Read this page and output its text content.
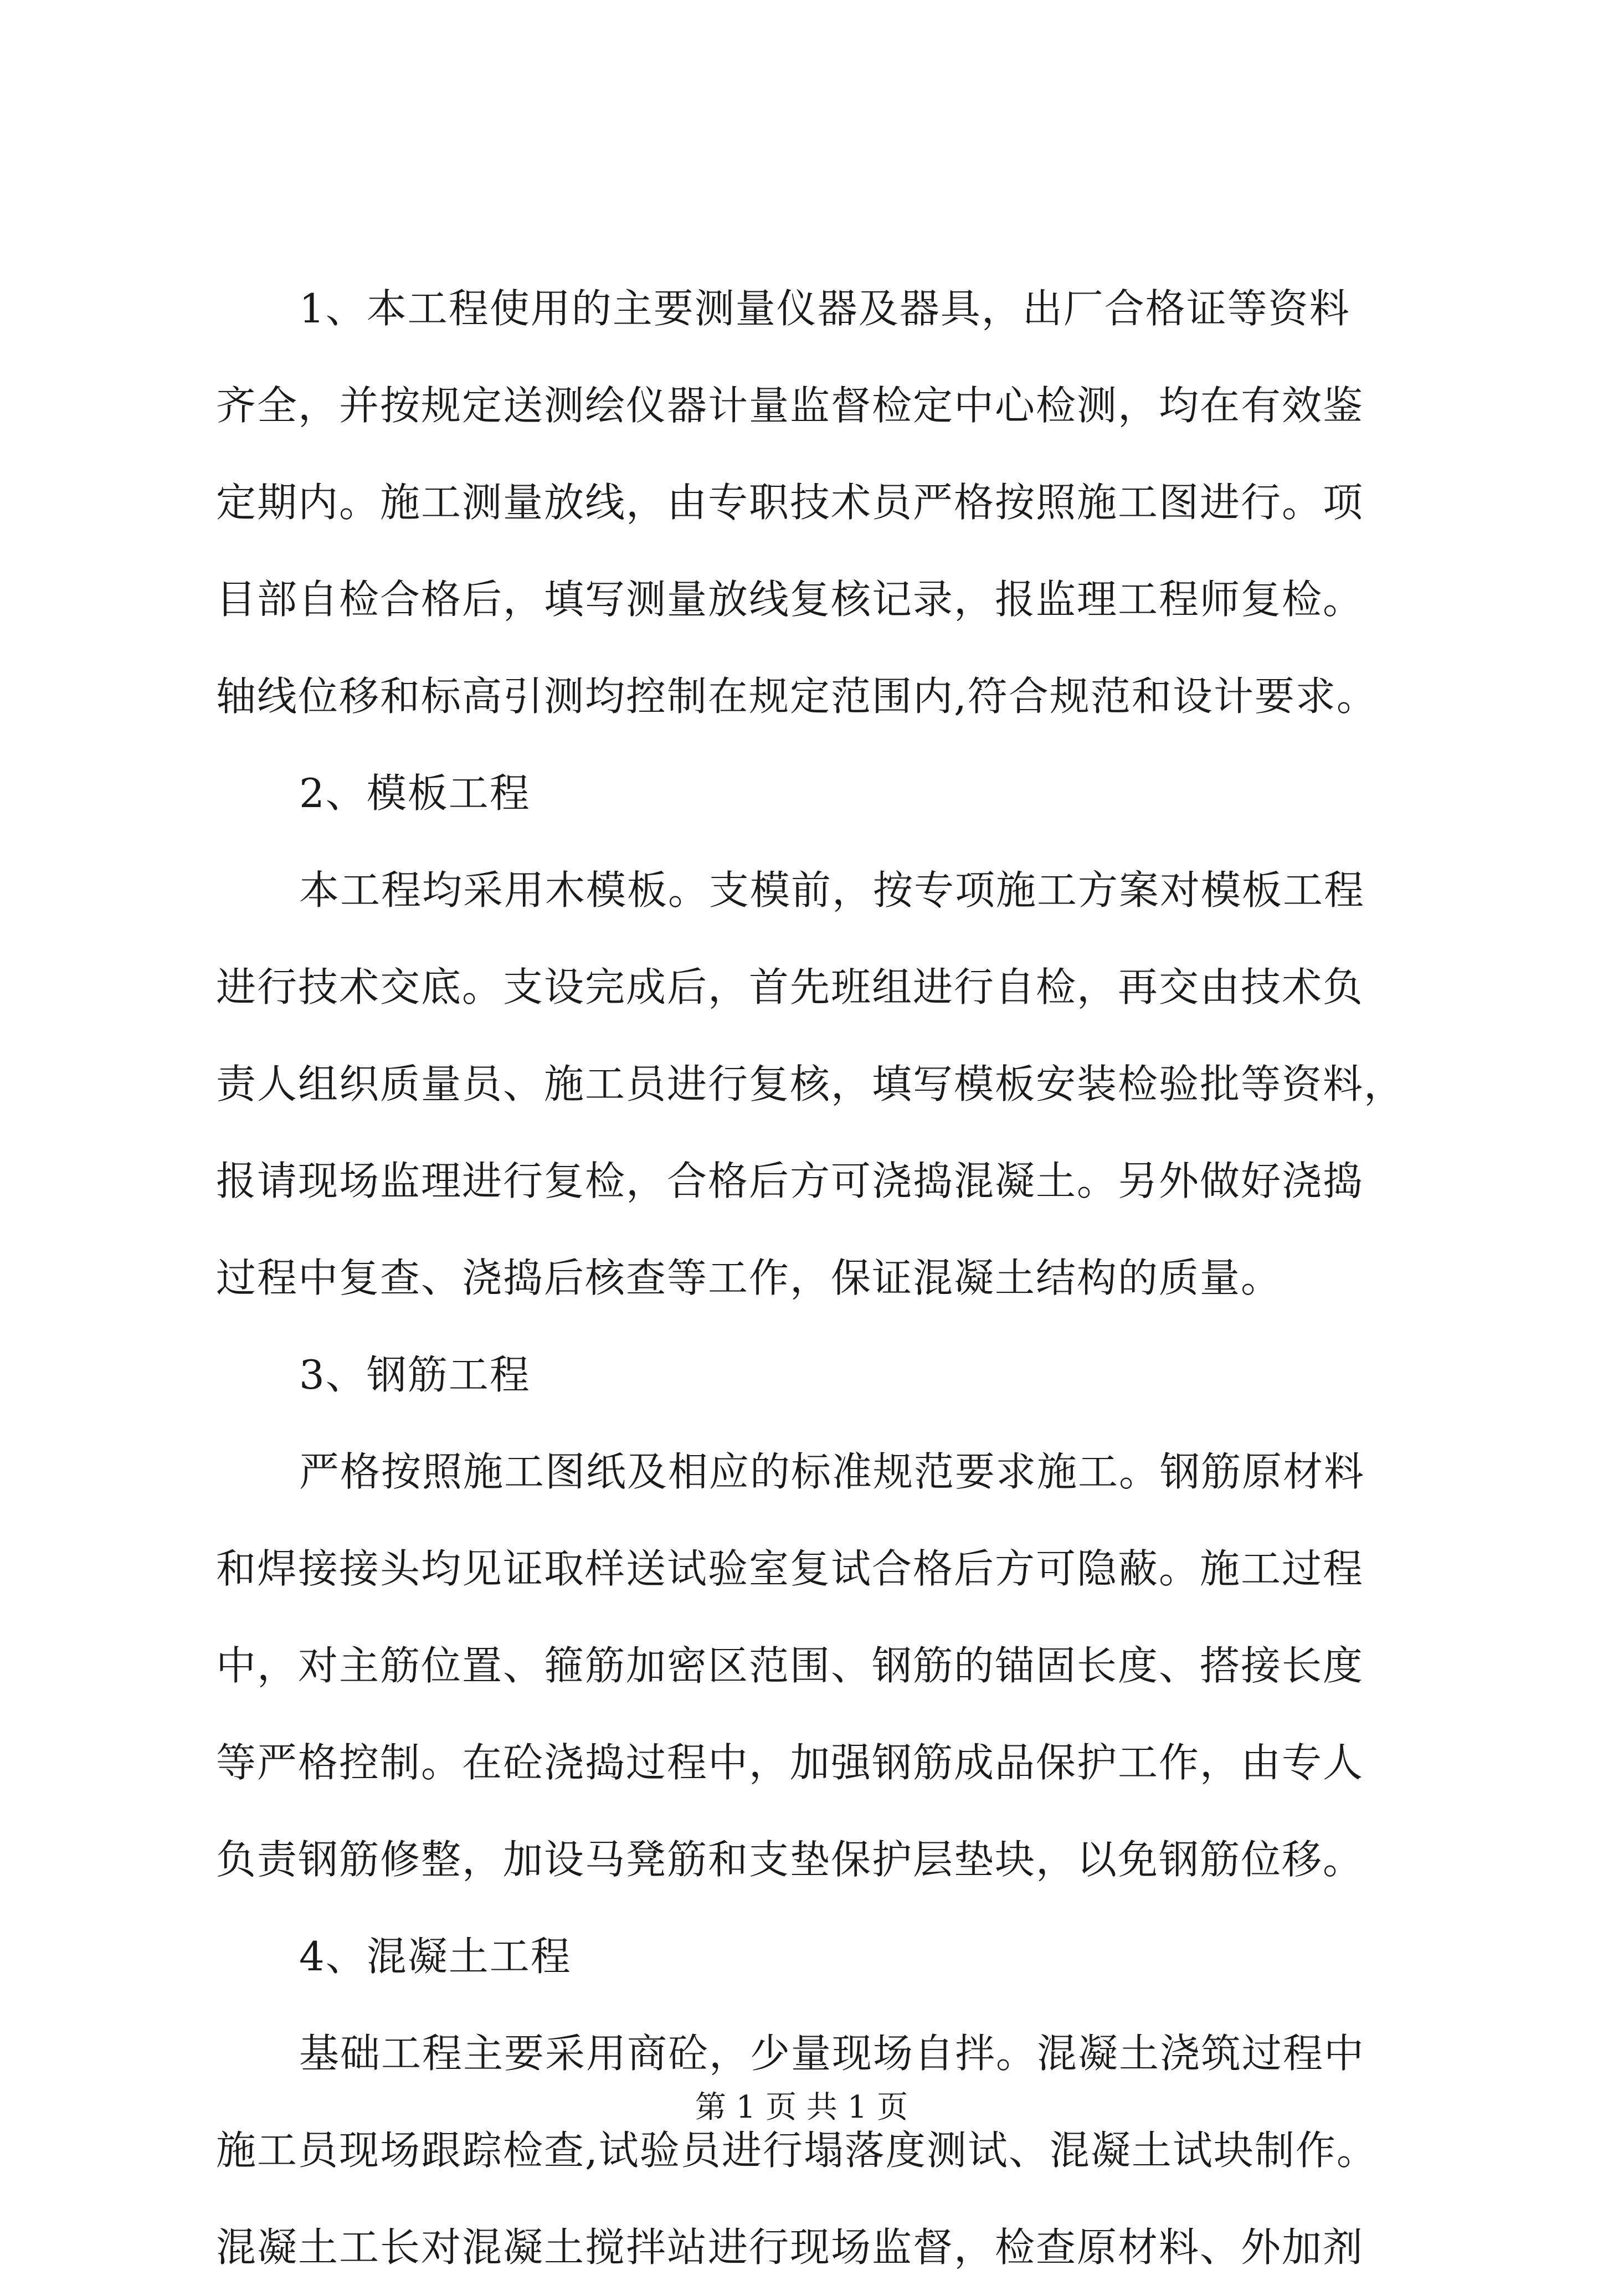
1、本工程使用的主要测量仪器及器具，出厂合格证等资料
齐全，并按规定送测绘仪器计量监督检定中心检测，均在有效鉴
定期内。施工测量放线，由专职技术员严格按照施工图进行。项
目部自检合格后，填写测量放线复核记录，报监理工程师复检。
轴线位移和标高引测均控制在规定范围内,符合规范和设计要求。
2、模板工程
本工程均采用木模板。支模前，按专项施工方案对模板工程
进行技术交底。支设完成后，首先班组进行自检，再交由技术负
责人组织质量员、施工员进行复核，填写模板安装检验批等资料，
报请现场监理进行复检，合格后方可浇捣混凝土。另外做好浇捣
过程中复查、浇捣后核查等工作，保证混凝土结构的质量。
3、钢筋工程
严格按照施工图纸及相应的标准规范要求施工。钢筋原材料
和焊接接头均见证取样送试验室复试合格后方可隐蔽。施工过程
中，对主筋位置、箍筋加密区范围、钢筋的锚固长度、搭接长度
等严格控制。在砼浇捣过程中，加强钢筋成品保护工作，由专人
负责钢筋修整，加设马凳筋和支垫保护层垫块，以免钢筋位移。
4、混凝土工程
基础工程主要采用商砼，少量现场自拌。混凝土浇筑过程中
施工员现场跟踪检查,试验员进行塌落度测试、混凝土试块制作。
混凝土工长对混凝土搅拌站进行现场监督，检查原材料、外加剂
第 1 页 共 1 页
